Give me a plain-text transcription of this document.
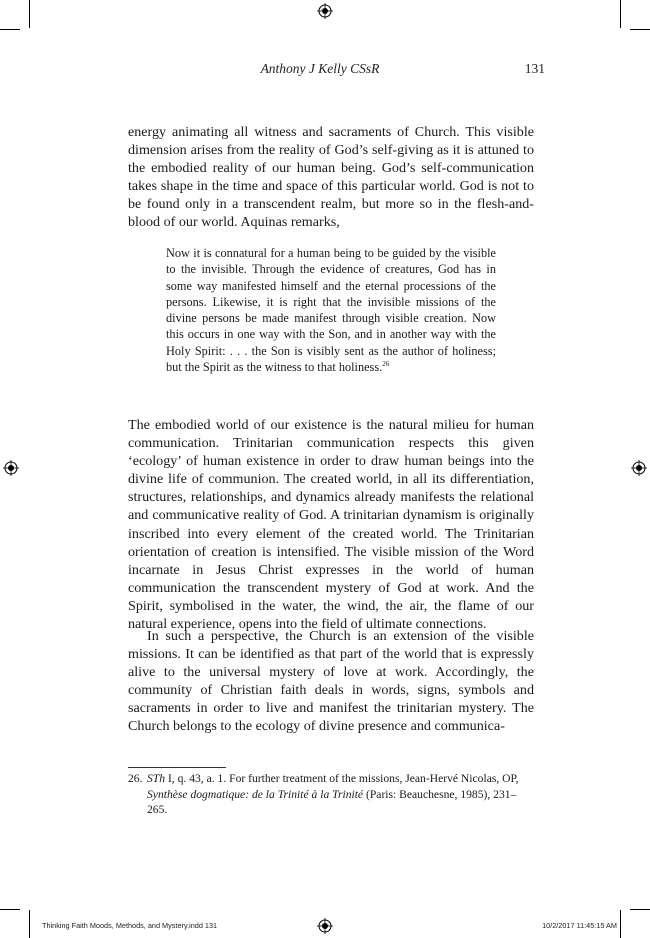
Anthony J Kelly CSsR	131

energy animating all witness and sacraments of Church. This visible dimension arises from the reality of God’s self-giving as it is attuned to the embodied reality of our human being. God’s self-communication takes shape in the time and space of this particular world. God is not to be found only in a transcendent realm, but more so in the flesh-and-blood of our world. Aquinas remarks,

Now it is connatural for a human being to be guided by the visible to the invisible. Through the evidence of creatures, God has in some way manifested himself and the eternal processions of the persons. Likewise, it is right that the invisible missions of the divine persons be made manifest through visible creation. Now this occurs in one way with the Son, and in another way with the Holy Spirit: . . . the Son is visibly sent as the author of holiness; but the Spirit as the witness to that holiness.$^{26}$

The embodied world of our existence is the natural milieu for human communication. Trinitarian communication respects this given ‘ecology’ of human existence in order to draw human beings into the divine life of communion. The created world, in all its differentiation, structures, relationships, and dynamics already manifests the relational and communicative reality of God. A trinitarian dynamism is originally inscribed into every element of the created world. The Trinitarian orientation of creation is intensified. The visible mission of the Word incarnate in Jesus Christ expresses in the world of human communication the transcendent mystery of God at work. And the Spirit, symbolised in the water, the wind, the air, the flame of our natural experience, opens into the field of ultimate connections.

In such a perspective, the Church is an extension of the visible missions. It can be identified as that part of the world that is expressly alive to the universal mystery of love at work. Accordingly, the community of Christian faith deals in words, signs, symbols and sacraments in order to live and manifest the trinitarian mystery. The Church belongs to the ecology of divine presence and communica-

26. STh I, q. 43, a. 1. For further treatment of the missions, Jean-Hervé Nicolas, OP, Synthèse dogmatique: de la Trinité à la Trinité (Paris: Beauchesne, 1985), 231–265.
Thinking Faith Moods, Methods, and Mystery.indd 131	10/2/2017 11:45:15 AM
